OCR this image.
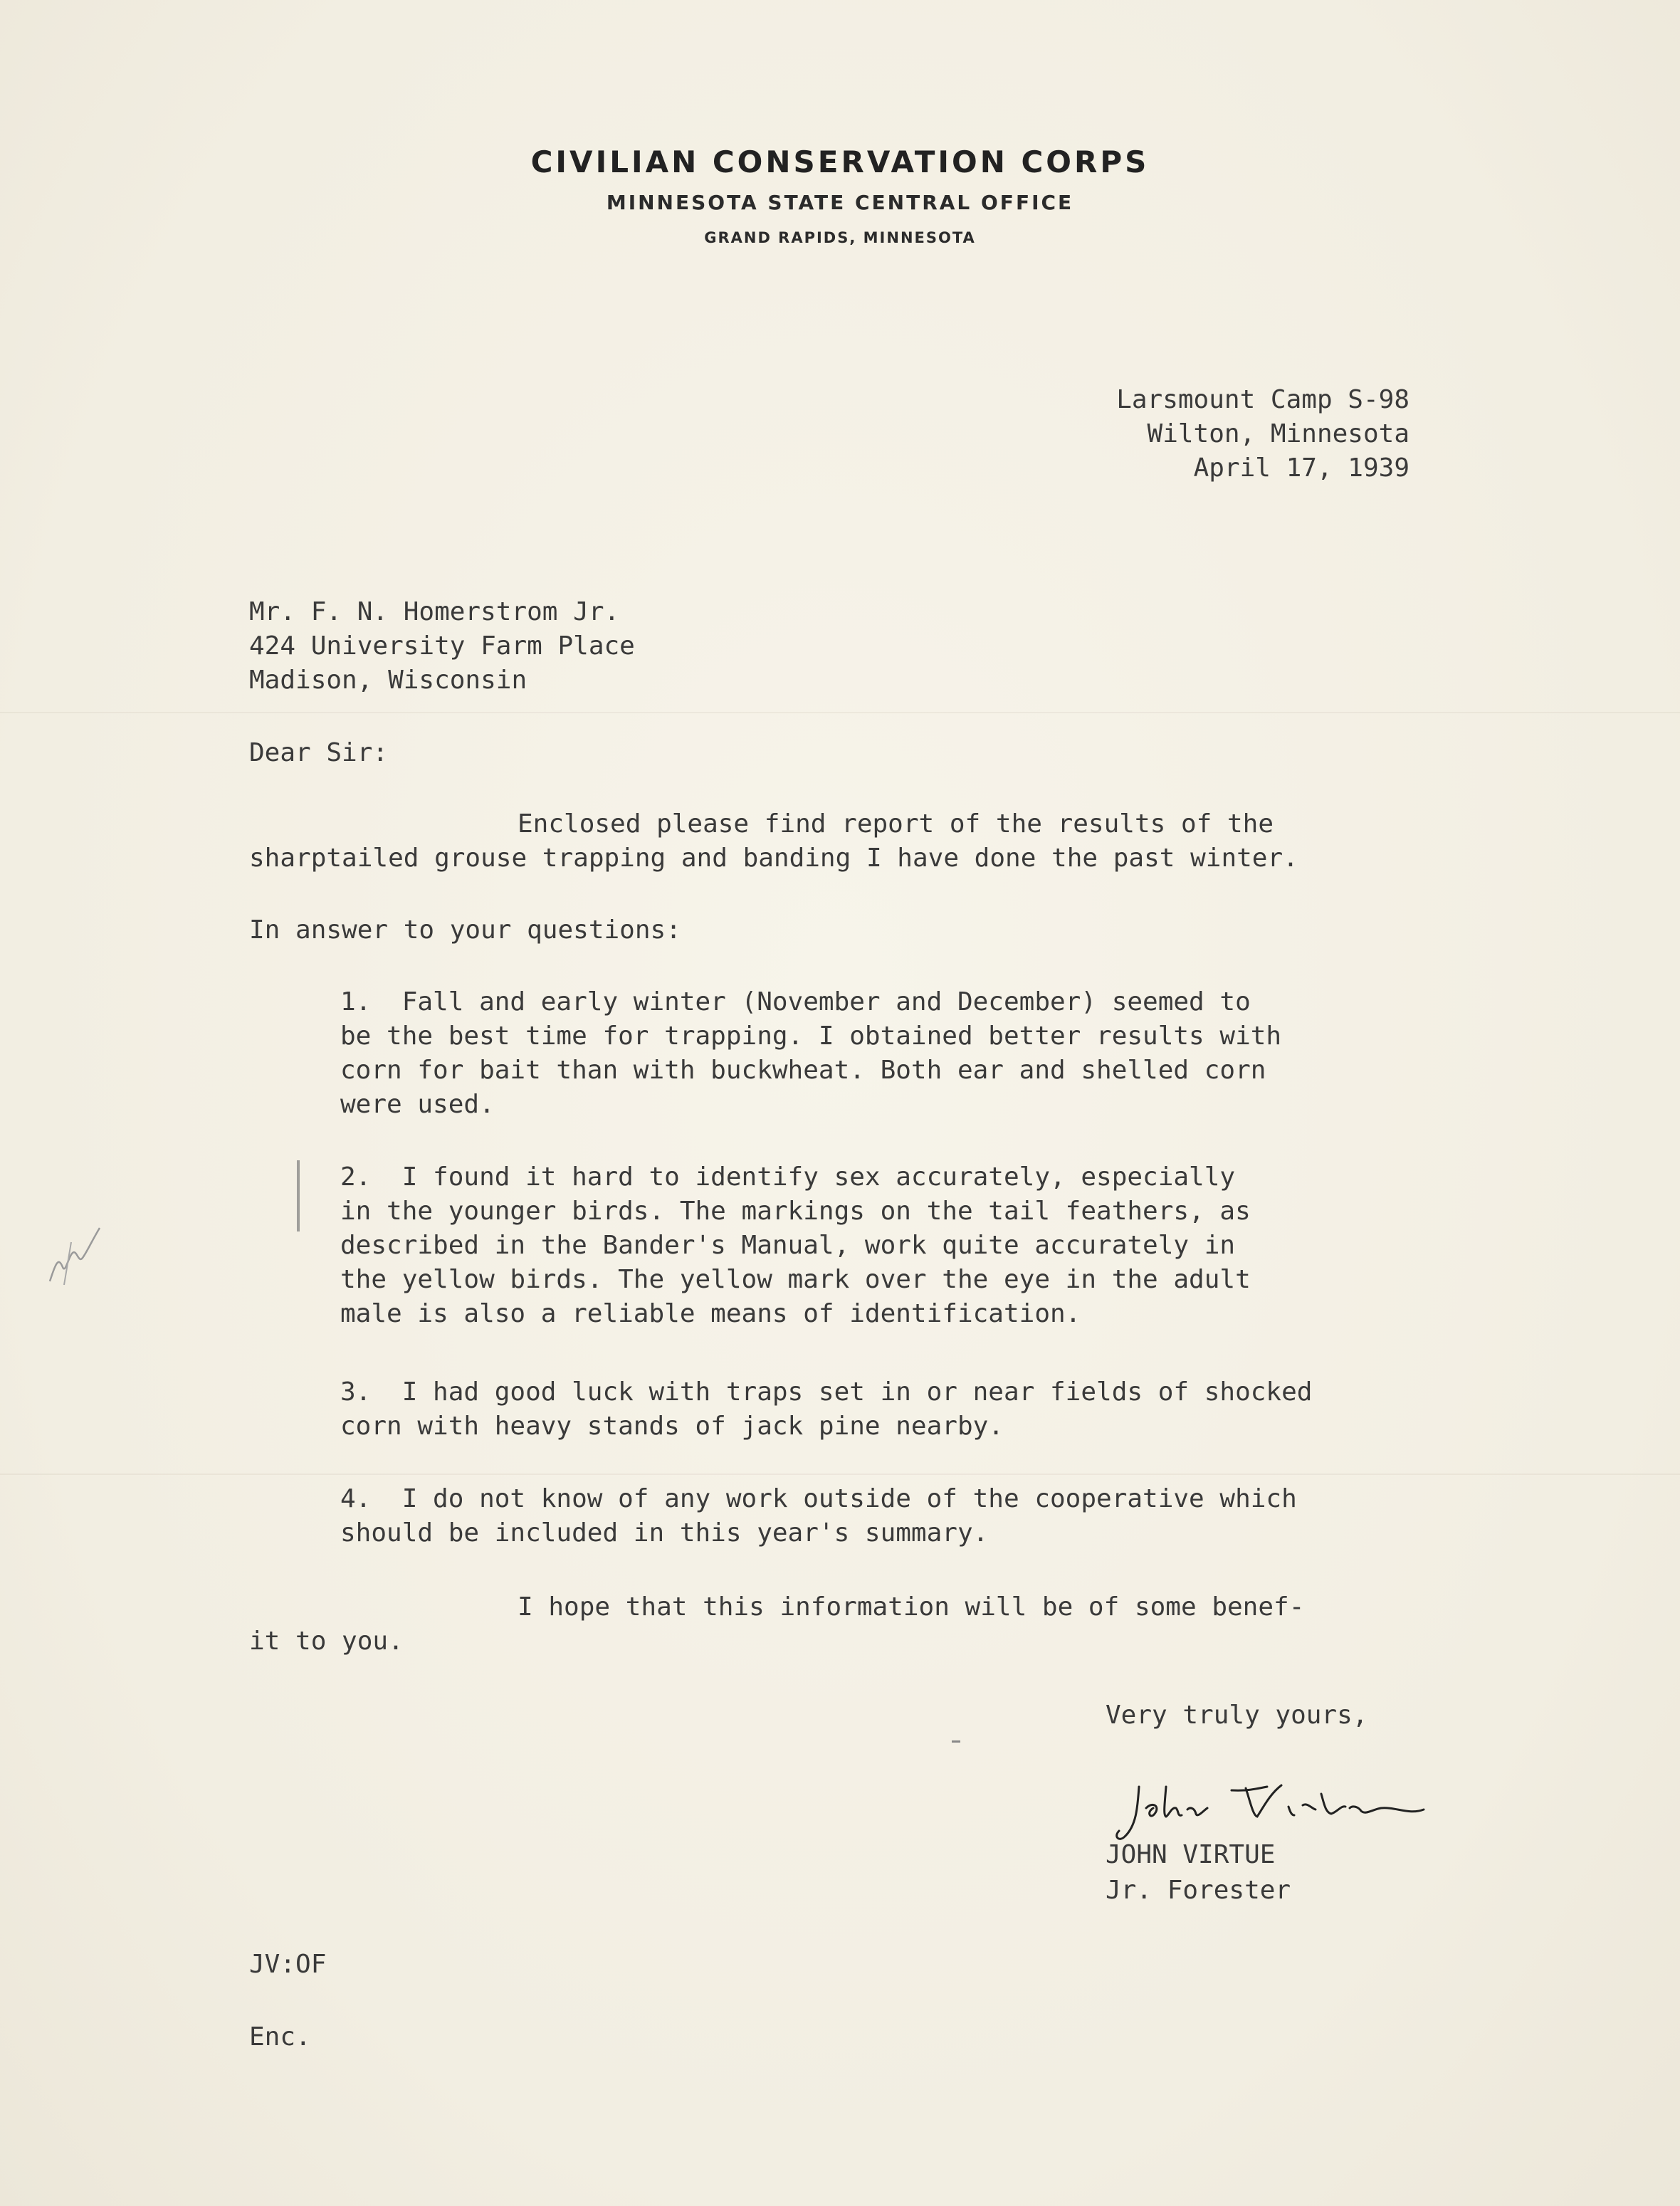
CIVILIAN CONSERVATION CORPS
MINNESOTA STATE CENTRAL OFFICE
GRAND RAPIDS, MINNESOTA
Larsmount Camp S-98
Wilton, Minnesota
April 17, 1939
Mr. F. N. Homerstrom Jr.
424 University Farm Place
Madison, Wisconsin
Dear Sir:
Enclosed please find report of the results of the
sharptailed grouse trapping and banding I have done the past winter.
In answer to your questions:
1.  Fall and early winter (November and December) seemed to
be the best time for trapping. I obtained better results with
corn for bait than with buckwheat. Both ear and shelled corn
were used.
2.  I found it hard to identify sex accurately, especially
in the younger birds. The markings on the tail feathers, as
described in the Bander's Manual, work quite accurately in
the yellow birds. The yellow mark over the eye in the adult
male is also a reliable means of identification.
3.  I had good luck with traps set in or near fields of shocked
corn with heavy stands of jack pine nearby.
4.  I do not know of any work outside of the cooperative which
should be included in this year's summary.
I hope that this information will be of some benef-
it to you.
Very truly yours,
JOHN VIRTUE
Jr. Forester
JV:OF
Enc.
